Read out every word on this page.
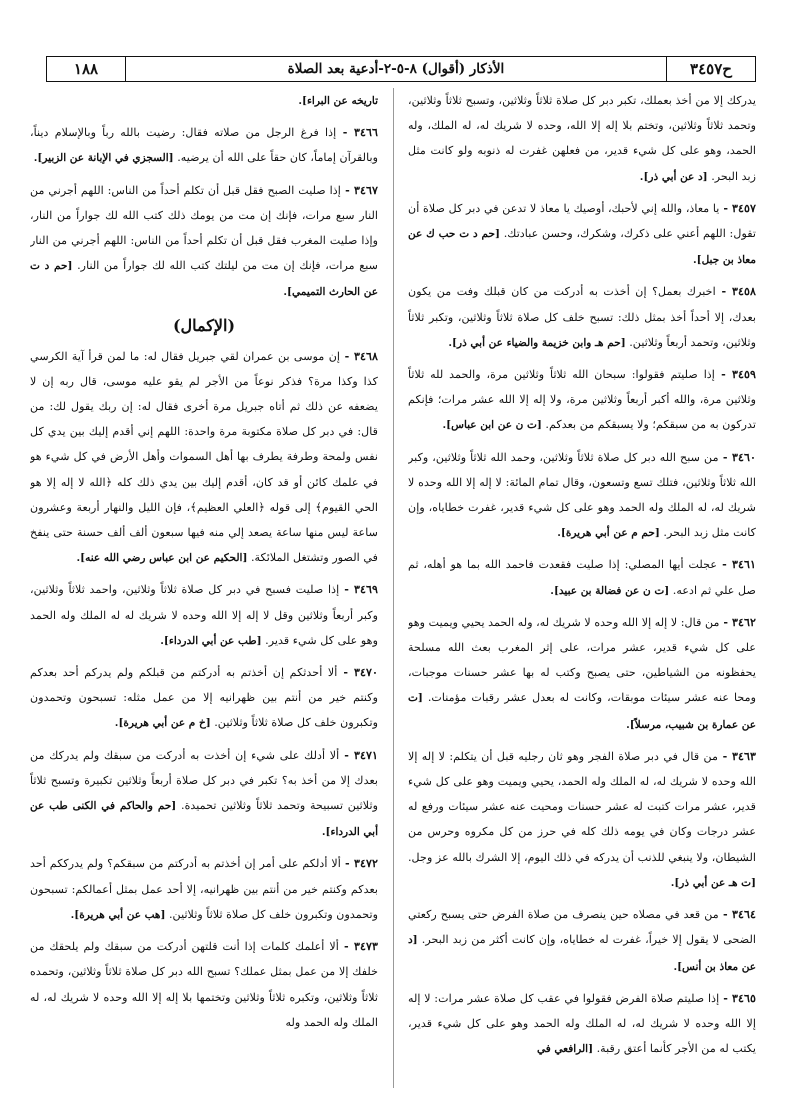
ح٣٤٥٧
الأذكار (أقوال) ٨-٥-٢-أدعية بعد الصلاة
١٨٨

يدركك إلا من أخذ بعملك، تكبر دبر كل صلاة ثلاثاً وثلاثين، وتسبح ثلاثاً وثلاثين، وتحمد ثلاثاً وثلاثين، وتختم بلا إله إلا الله، وحده لا شريك له، له الملك، وله الحمد، وهو على كل شيء قدير، من فعلهن غفرت له ذنوبه ولو كانت مثل زبد البحر. [د عن أبي ذر].

٣٤٥٧ - يا معاذ، والله إني لأحبك، أوصيك يا معاذ لا تدعن في دبر كل صلاة أن تقول: اللهم أعني على ذكرك، وشكرك، وحسن عبادتك. [حم د ت حب ك عن معاذ بن جبل].

٣٤٥٨ - اخبرك بعمل؟ إن أخذت به أدركت من كان قبلك وفت من يكون بعدك، إلا أحداً أخذ بمثل ذلك: تسبح خلف كل صلاة ثلاثاً وثلاثين، وتكبر ثلاثاً وثلاثين، وتحمد أربعاً وثلاثين. [حم هـ وابن خزيمة والضياء عن أبي ذر].

٣٤٥٩ - إذا صليتم فقولوا: سبحان الله ثلاثاً وثلاثين مرة، والحمد لله ثلاثاً وثلاثين مرة، والله أكبر أربعاً وثلاثين مرة، ولا إله إلا الله عشر مرات؛ فإنكم تدركون به من سبقكم؛ ولا يسبقكم من بعدكم. [ت ن عن ابن عباس].

٣٤٦٠ - من سبح الله دبر كل صلاة ثلاثاً وثلاثين، وحمد الله ثلاثاً وثلاثين، وكبر الله ثلاثاً وثلاثين، فتلك تسع وتسعون، وقال تمام المائة: لا إله إلا الله وحده لا شريك له، له الملك وله الحمد وهو على كل شيء قدير، غفرت خطاياه، وإن كانت مثل زبد البحر. [حم م عن أبي هريرة].

٣٤٦١ - عجلت أيها المصلي: إذا صليت فقعدت فاحمد الله بما هو أهله، ثم صل علي ثم ادعه. [ت ن عن فضالة بن عبيد].

٣٤٦٢ - من قال: لا إله إلا الله وحده لا شريك له، وله الحمد يحيي ويميت وهو على كل شيء قدير، عشر مرات، على إثر المغرب بعث الله مسلحة يحفظونه من الشياطين، حتى يصبح وكتب له بها عشر حسنات موجبات، ومحا عنه عشر سيئات موبقات، وكانت له بعدل عشر رقبات مؤمنات. [ت عن عمارة بن شبيب، مرسلاً].

٣٤٦٣ - من قال في دبر صلاة الفجر وهو ثان رجليه قبل أن يتكلم: لا إله إلا الله وحده لا شريك له، له الملك وله الحمد، يحيي ويميت وهو على كل شيء قدير، عشر مرات كتبت له عشر حسنات ومحيت عنه عشر سيئات ورفع له عشر درجات وكان في يومه ذلك كله في حرز من كل مكروه وحرس من الشيطان، ولا ينبغي للذنب أن يدركه في ذلك اليوم، إلا الشرك بالله عز وجل. [ت هـ عن أبي ذر].

٣٤٦٤ - من قعد في مصلاه حين ينصرف من صلاة الفرض حتى يسبح ركعتي الضحى لا يقول إلا خيراً، غفرت له خطاياه، وإن كانت أكثر من زبد البحر. [د عن معاذ بن أنس].

٣٤٦٥ - إذا صليتم صلاة الفرض فقولوا في عقب كل صلاة عشر مرات: لا إله إلا الله وحده لا شريك له، له الملك وله الحمد وهو على كل شيء قدير، يكتب له من الأجر كأنما أعتق رقبة. [الرافعي في

تاريخه عن البراء].

٣٤٦٦ - إذا فرغ الرجل من صلاته فقال: رضيت بالله رباً وبالإسلام ديناً، وبالقرآن إماماً، كان حقاً على الله أن يرضيه. [السجزي في الإبانة عن الزبير].

٣٤٦٧ - إذا صليت الصبح فقل قبل أن تكلم أحداً من الناس: اللهم أجرني من النار سبع مرات، فإنك إن مت من يومك ذلك كتب الله لك جواراً من النار، وإذا صليت المغرب فقل قبل أن تكلم أحداً من الناس: اللهم أجرني من النار سبع مرات، فإنك إن مت من ليلتك كتب الله لك جواراً من النار. [حم د ت عن الحارث التميمي].

(الإكمال)

٣٤٦٨ - إن موسى بن عمران لقي جبريل فقال له: ما لمن قرأ آية الكرسي كذا وكذا مرة؟ فذكر نوعاً من الأجر لم يقو عليه موسى، قال ربه إن لا يضعفه عن ذلك ثم أتاه جبريل مرة أخرى فقال له: إن ربك يقول لك: من قال: في دبر كل صلاة مكتوبة مرة واحدة: اللهم إني أقدم إليك بين يدي كل نفس ولمحة وطرفة يطرف بها أهل السموات وأهل الأرض في كل شيء هو في علمك كائن أو قد كان، أقدم إليك بين يدي ذلك كله ﴿الله لا إله إلا هو الحي القيوم﴾ إلى قوله ﴿العلي العظيم﴾، فإن الليل والنهار أربعة وعشرون ساعة ليس منها ساعة يصعد إلي منه فيها سبعون ألف ألف حسنة حتى ينفخ في الصور وتشتغل الملائكة. [الحكيم عن ابن عباس رضي الله عنه].

٣٤٦٩ - إذا صليت فسبح في دبر كل صلاة ثلاثاً وثلاثين، واحمد ثلاثاً وثلاثين، وكبر أربعاً وثلاثين وقل لا إله إلا الله وحده لا شريك له له الملك وله الحمد وهو على كل شيء قدير. [طب عن أبي الدرداء].

٣٤٧٠ - ألا أحدثكم إن أخذتم به أدركتم من قبلكم ولم يدركم أحد بعدكم وكنتم خير من أنتم بين ظهرانيه إلا من عمل مثله: تسبحون وتحمدون وتكبرون خلف كل صلاة ثلاثاً وثلاثين. [خ م عن أبي هريرة].

٣٤٧١ - ألا أدلك على شيء إن أخذت به أدركت من سبقك ولم يدركك من بعدك إلا من أخذ به؟ تكبر في دبر كل صلاة أربعاً وثلاثين تكبيرة وتسبح ثلاثاً وثلاثين تسبيحة وتحمد ثلاثاً وثلاثين تحميدة. [حم والحاكم في الكنى طب عن أبي الدرداء].

٣٤٧٢ - ألا أدلكم على أمر إن أخذتم به أدركتم من سبقكم؟ ولم يدرككم أحد بعدكم وكنتم خير من أنتم بين ظهرانيه، إلا أحد عمل بمثل أعمالكم: تسبحون وتحمدون وتكبرون خلف كل صلاة ثلاثاً وثلاثين. [هب عن أبي هريرة].

٣٤٧٣ - ألا أعلمك كلمات إذا أنت قلتهن أدركت من سبقك ولم يلحقك من خلفك إلا من عمل بمثل عملك؟ تسبح الله دبر كل صلاة ثلاثاً وثلاثين، وتحمده ثلاثاً وثلاثين، وتكبره ثلاثاً وثلاثين وتختمها بلا إله إلا الله وحده لا شريك له، له الملك وله الحمد وله
